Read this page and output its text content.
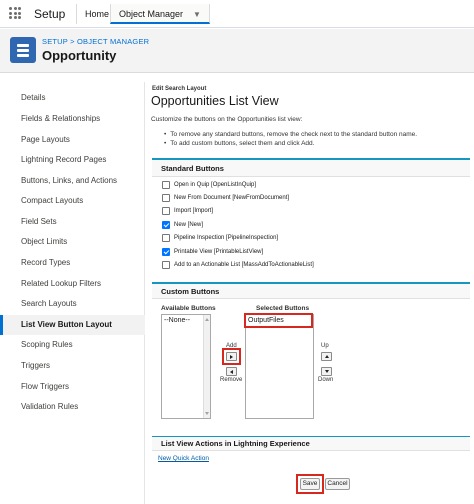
Setup	Home	Object Manager ▼
SETUP > OBJECT MANAGER
Opportunity
Details
Fields & Relationships
Page Layouts
Lightning Record Pages
Buttons, Links, and Actions
Compact Layouts
Field Sets
Object Limits
Record Types
Related Lookup Filters
Search Layouts
List View Button Layout
Scoping Rules
Triggers
Flow Triggers
Validation Rules
Edit Search Layout
Opportunities List View
Customize the buttons on the Opportunities list view:
• To remove any standard buttons, remove the check next to the standard button name.
• To add custom buttons, select them and click Add.
Standard Buttons
Open in Quip [OpenListInQuip]
New From Document [NewFromDocument]
Import [Import]
New [New]
Pipeline Inspection [PipelineInspection]
Printable View [PrintableListView]
Add to an Actionable List [MassAddToActionableList]
Custom Buttons
Available Buttons	Selected Buttons
--None--
Add
Remove
OutputFiles
Up
Down
List View Actions in Lightning Experience
New Quick Action
Save	Cancel
